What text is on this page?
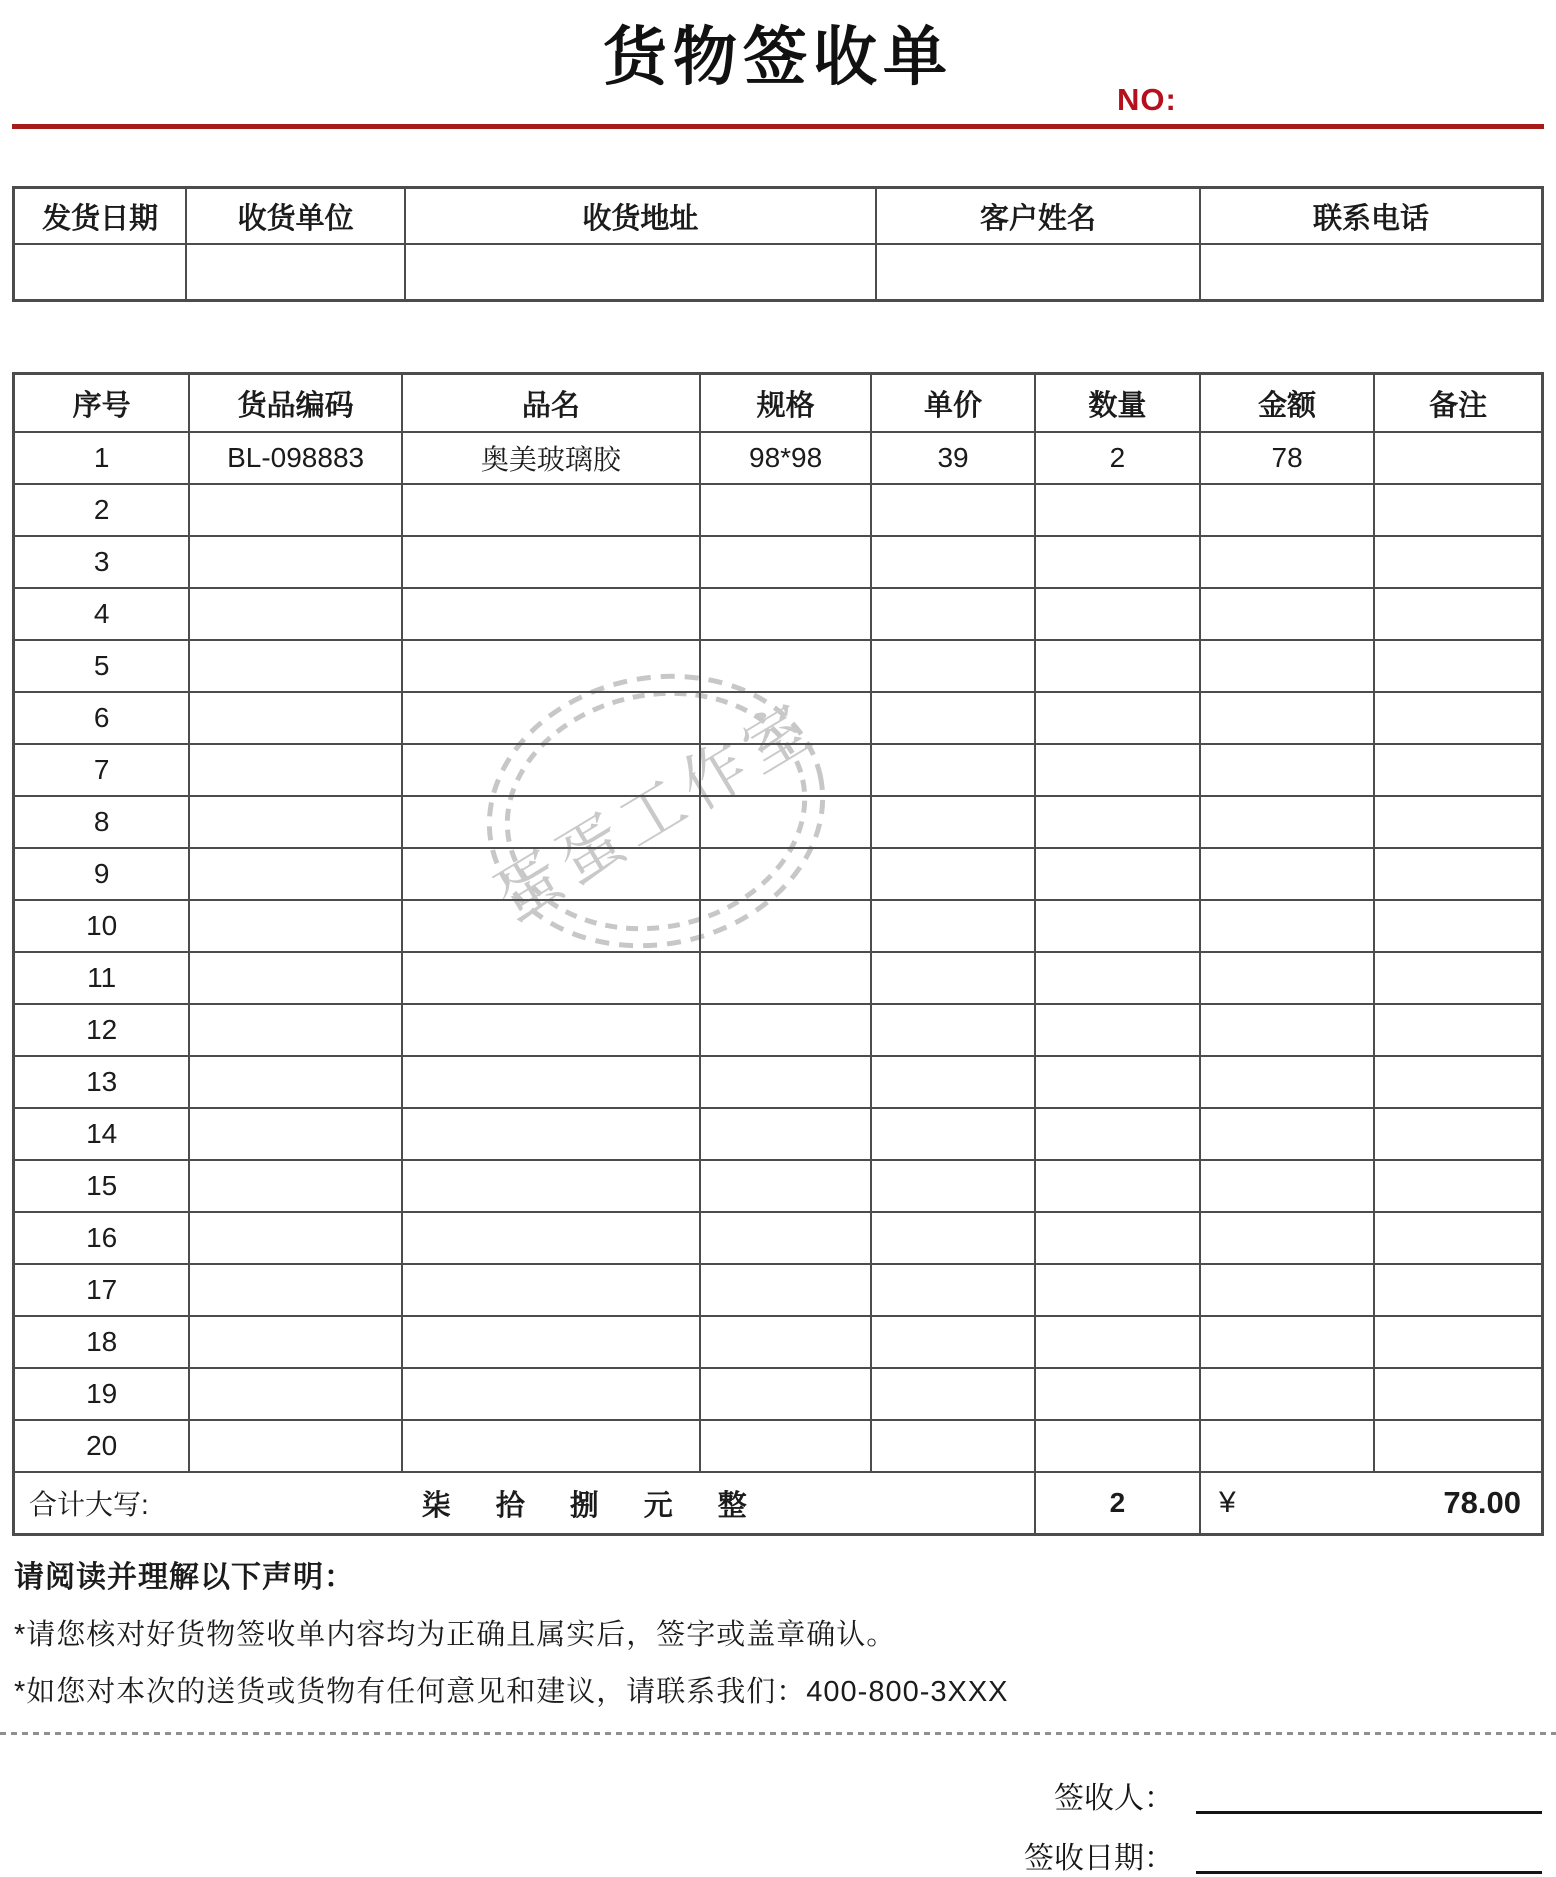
蛋蛋工作室
货物签收单
NO:
发货日期	收货单位	收货地址	客户姓名	联系电话

序号	货品编码	品名	规格	单价	数量	金额	备注
1	BL-098883	奥美玻璃胶	98*98	39	2	78	
2							
3							
4							
5							
6							
7							
8							
9							
10							
11							
12							
13							
14							
15							
16							
17							
18							
19							
20							

合计大写: 柒　拾　捌　元　整					2	¥ 78.00	
请阅读并理解以下声明：
*请您核对好货物签收单内容均为正确且属实后，签字或盖章确认。
*如您对本次的送货或货物有任何意见和建议，请联系我们：400-800-3XXX
签收人：
签收日期：
